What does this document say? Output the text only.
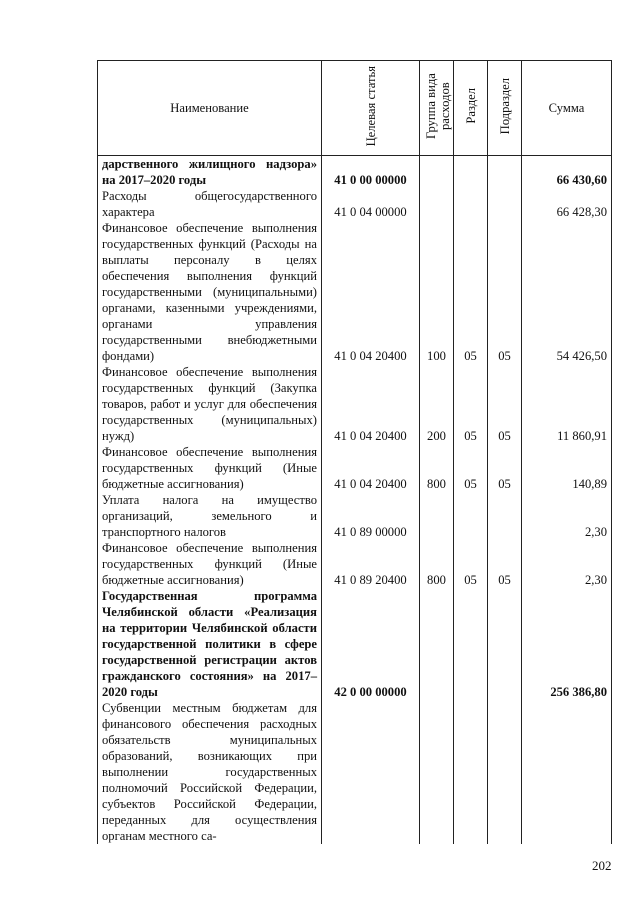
Наименование	Целевая статья	Группа вида расходов	Раздел	Подраздел	Сумма
дарственного жилищного надзора» на 2017–2020 годы	41 0 00 00000				66 430,60
Расходы общегосударственного характера	41 0 04 00000				66 428,30
Финансовое обеспечение выполнения государственных функций (Расходы на выплаты персоналу в целях обеспечения выполнения функций государственными (муниципальными) органами, казенными учреждениями, органами управления государственными внебюджетными фондами)	41 0 04 20400	100	05	05	54 426,50
Финансовое обеспечение выполнения государственных функций (Закупка товаров, работ и услуг для обеспечения государственных (муниципальных) нужд)	41 0 04 20400	200	05	05	11 860,91
Финансовое обеспечение выполнения государственных функций (Иные бюджетные ассигнования)	41 0 04 20400	800	05	05	140,89
Уплата налога на имущество организаций, земельного и транспортного налогов	41 0 89 00000				2,30
Финансовое обеспечение выполнения государственных функций (Иные бюджетные ассигнования)	41 0 89 20400	800	05	05	2,30
Государственная программа Челябинской области «Реализация на территории Челябинской области государственной политики в сфере государственной регистрации актов гражданского состояния» на 2017–2020 годы	42 0 00 00000				256 386,80
Субвенции местным бюджетам для финансового обеспечения расходных обязательств муниципальных образований, возникающих при выполнении государственных полномочий Российской Федерации, субъектов Российской Федерации, переданных для осуществления органам местного са-					
202
